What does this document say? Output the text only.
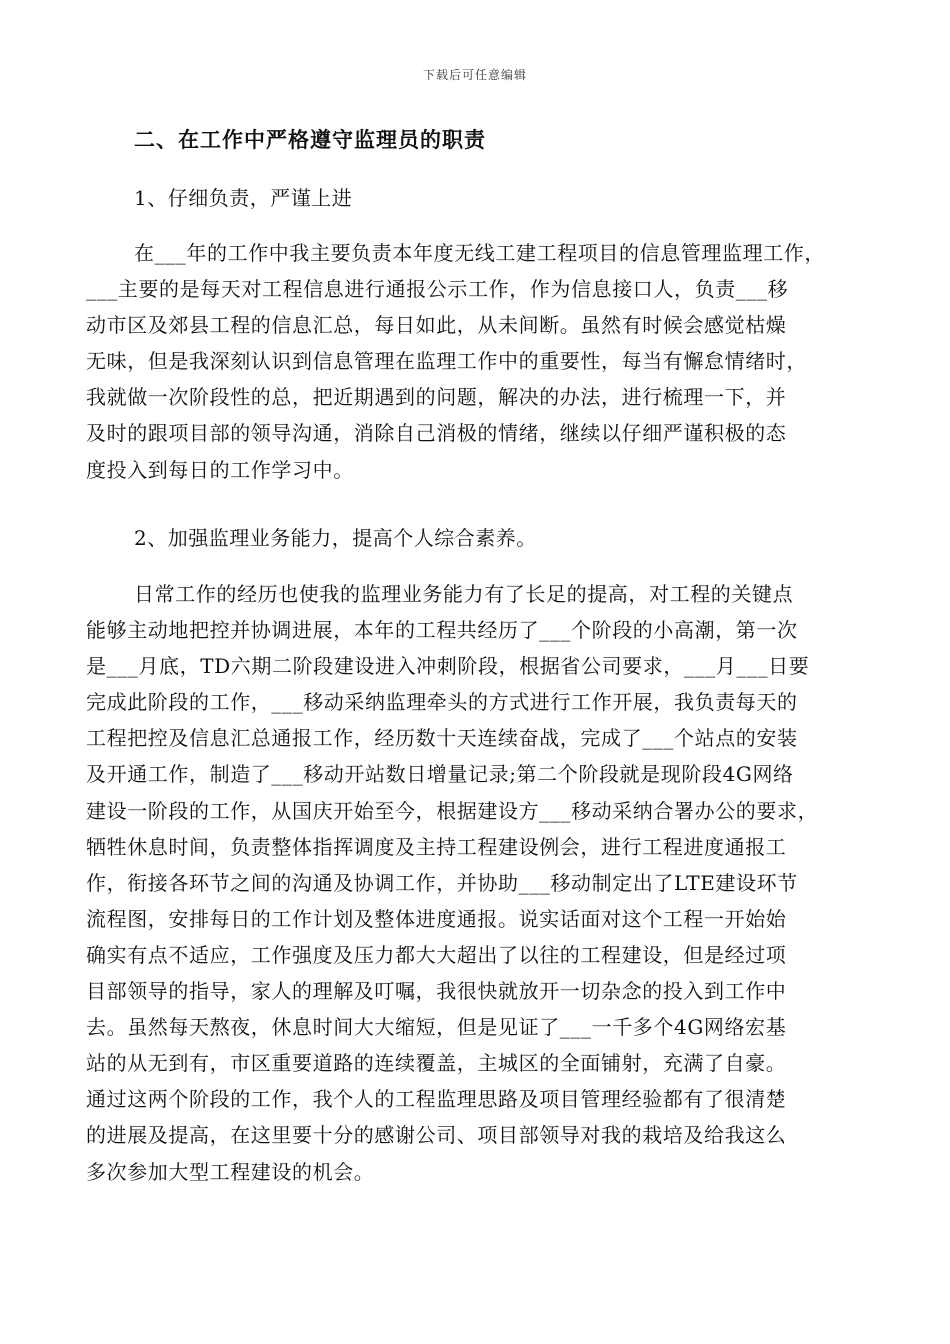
下载后可任意编辑
二、在工作中严格遵守监理员的职责
1、仔细负责，严谨上进
在___年的工作中我主要负责本年度无线工建工程项目的信息管理监理工作，
___主要的是每天对工程信息进行通报公示工作，作为信息接口人，负责___移
动市区及郊县工程的信息汇总，每日如此，从未间断。虽然有时候会感觉枯燥
无味，但是我深刻认识到信息管理在监理工作中的重要性，每当有懈怠情绪时，
我就做一次阶段性的总，把近期遇到的问题，解决的办法，进行梳理一下，并
及时的跟项目部的领导沟通，消除自己消极的情绪，继续以仔细严谨积极的态
度投入到每日的工作学习中。
2、加强监理业务能力，提高个人综合素养。
日常工作的经历也使我的监理业务能力有了长足的提高，对工程的关键点
能够主动地把控并协调进展，本年的工程共经历了___个阶段的小高潮，第一次
是___月底，TD六期二阶段建设进入冲刺阶段，根据省公司要求，___月___日要
完成此阶段的工作，___移动采纳监理牵头的方式进行工作开展，我负责每天的
工程把控及信息汇总通报工作，经历数十天连续奋战，完成了___个站点的安装
及开通工作，制造了___移动开站数日增量记录;第二个阶段就是现阶段4G网络
建设一阶段的工作，从国庆开始至今，根据建设方___移动采纳合署办公的要求，
牺牲休息时间，负责整体指挥调度及主持工程建设例会，进行工程进度通报工
作，衔接各环节之间的沟通及协调工作，并协助___移动制定出了LTE建设环节
流程图，安排每日的工作计划及整体进度通报。说实话面对这个工程一开始始
确实有点不适应，工作强度及压力都大大超出了以往的工程建设，但是经过项
目部领导的指导，家人的理解及叮嘱，我很快就放开一切杂念的投入到工作中
去。虽然每天熬夜，休息时间大大缩短，但是见证了___一千多个4G网络宏基
站的从无到有，市区重要道路的连续覆盖，主城区的全面铺射，充满了自豪。
通过这两个阶段的工作，我个人的工程监理思路及项目管理经验都有了很清楚
的进展及提高，在这里要十分的感谢公司、项目部领导对我的栽培及给我这么
多次参加大型工程建设的机会。
